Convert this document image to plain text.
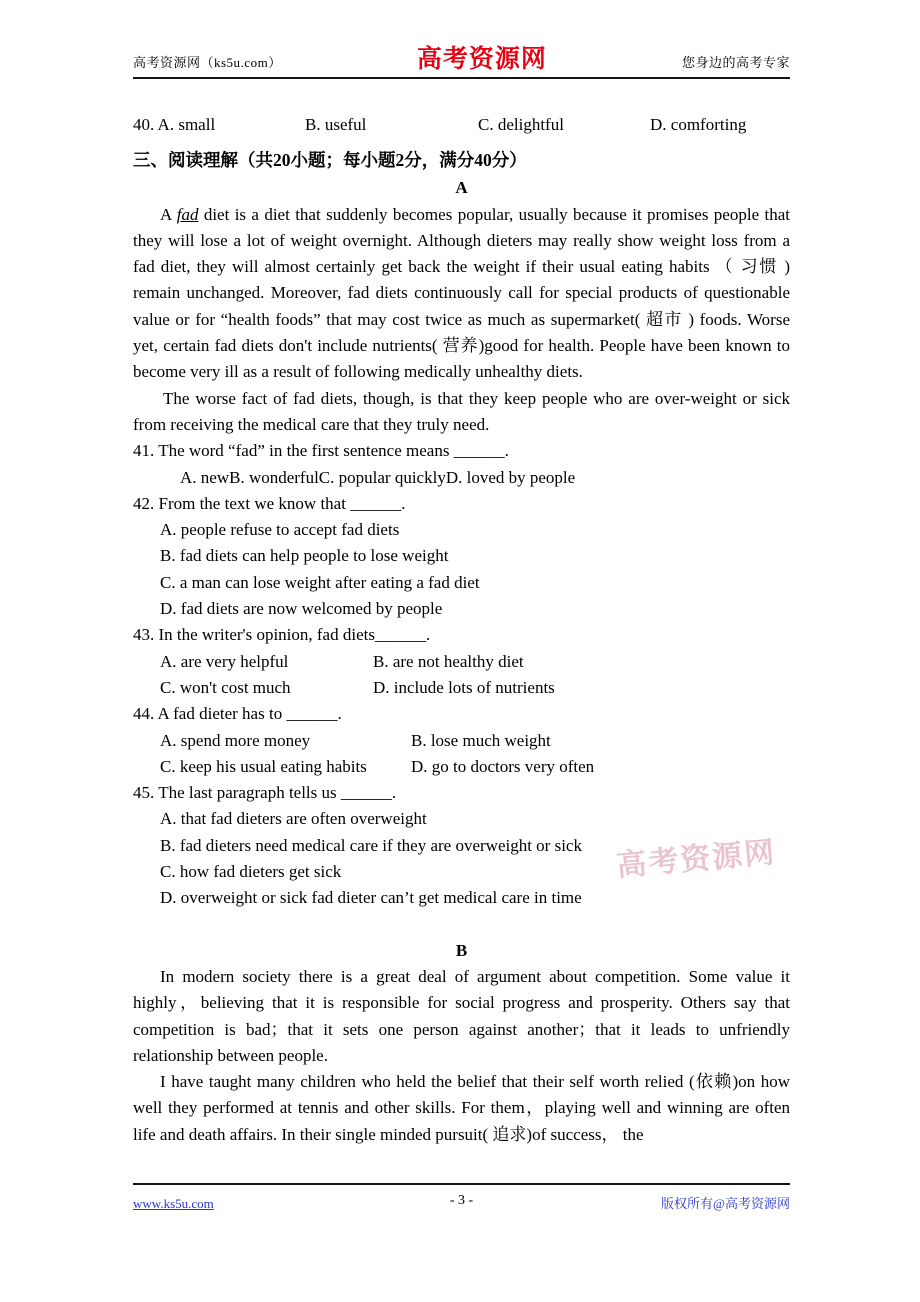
高考资源网
高考资源网（ks5u.com）	高考资源网	您身边的高考专家
40. A. small	B. useful	C. delightful	D. comforting
三、阅读理解（共20小题；每小题2分，满分40分）
A

A fad diet is a diet that suddenly becomes popular, usually because it promises people that they will lose a lot of weight overnight. Although dieters may really show weight loss from a fad diet, they will almost certainly get back the weight if their usual eating habits （ 习惯 ) remain unchanged. Moreover, fad diets continuously call for special products of questionable value or for “health foods” that may cost twice as much as supermarket( 超市 ) foods. Worse yet, certain fad diets don't include nutrients( 营养)good for health. People have been known to become very ill as a result of following medically unhealthy diets.

The worse fact of fad diets, though, is that they keep people who are over-weight or sick from receiving the medical care that they truly need.

41. The word “fad” in the first sentence means ______.

A. newB. wonderfulC. popular quicklyD. loved by people

42. From the text we know that ______.

A. people refuse to accept fad diets

B. fad diets can help people to lose weight

C. a man can lose weight after eating a fad diet

D. fad diets are now welcomed by people

43. In the writer's opinion, fad diets______.

A. are very helpful	B. are not healthy diet

C. won't cost much	D. include lots of nutrients

44. A fad dieter has to ______.

A. spend more money	B. lose much weight

C. keep his usual eating habits	D. go to doctors very often

45. The last paragraph tells us ______.

A. that fad dieters are often overweight

B. fad dieters need medical care if they are overweight or sick

C. how fad dieters get sick

D. overweight or sick fad dieter can’t get medical care in time

B

In modern society there is a great deal of argument about competition. Some value it highly，believing that it is responsible for social progress and prosperity. Others say that competition is bad；that it sets one person against another；that it leads to unfriendly relationship between people.

I have taught many children who held the belief that their self worth relied (依赖)on how well they performed at tennis and other skills. For them，playing well and winning are often life and death affairs. In their single minded pursuit( 追求)of success， the

www.ks5u.com	- 3 -	版权所有@高考资源网
